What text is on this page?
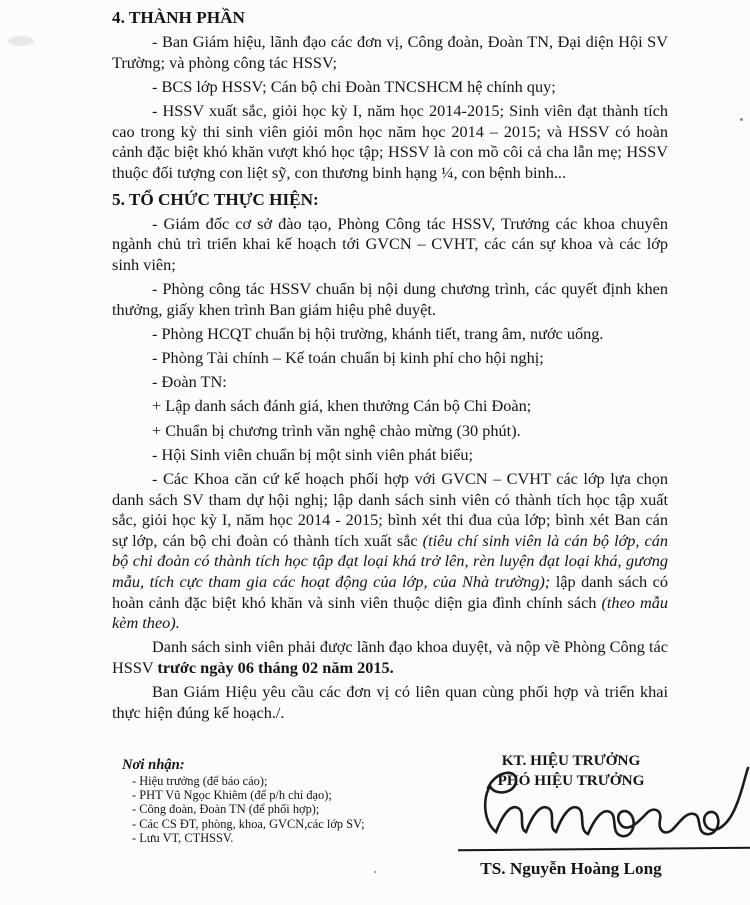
4. THÀNH PHẦN

- Ban Giám hiệu, lãnh đạo các đơn vị, Công đoàn, Đoàn TN, Đại diện Hội SV Trường; và phòng công tác HSSV;

- BCS lớp HSSV; Cán bộ chi Đoàn TNCSHCM hệ chính quy;

- HSSV xuất sắc, giỏi học kỳ I, năm học 2014-2015; Sinh viên đạt thành tích cao trong kỳ thi sinh viên giỏi môn học năm học 2014 – 2015; và HSSV có hoàn cảnh đặc biệt khó khăn vượt khó học tập; HSSV là con mồ côi cả cha lẫn mẹ; HSSV thuộc đối tượng con liệt sỹ, con thương binh hạng ¼, con bệnh binh...

5. TỔ CHỨC THỰC HIỆN:

- Giám đốc cơ sở đào tạo, Phòng Công tác HSSV, Trưởng các khoa chuyên ngành chủ trì triển khai kế hoạch tới GVCN – CVHT, các cán sự khoa và các lớp sinh viên;

- Phòng công tác HSSV chuẩn bị nội dung chương trình, các quyết định khen thưởng, giấy khen trình Ban giám hiệu phê duyệt.

- Phòng HCQT chuẩn bị hội trường, khánh tiết, trang âm, nước uống.

- Phòng Tài chính – Kế toán chuẩn bị kinh phí cho hội nghị;

- Đoàn TN:

+ Lập danh sách đánh giá, khen thưởng Cán bộ Chi Đoàn;

+ Chuẩn bị chương trình văn nghệ chào mừng (30 phút).

- Hội Sinh viên chuẩn bị một sinh viên phát biểu;

- Các Khoa căn cứ kế hoạch phối hợp với GVCN – CVHT các lớp lựa chọn danh sách SV tham dự hội nghị; lập danh sách sinh viên có thành tích học tập xuất sắc, giỏi học kỳ I, năm học 2014 - 2015; bình xét thi đua của lớp; bình xét Ban cán sự lớp, cán bộ chi đoàn có thành tích xuất sắc (tiêu chí sinh viên là cán bộ lớp, cán bộ chi đoàn có thành tích học tập đạt loại khá trở lên, rèn luyện đạt loại khá, gương mẫu, tích cực tham gia các hoạt động của lớp, của Nhà trường); lập danh sách có hoàn cảnh đặc biệt khó khăn và sinh viên thuộc diện gia đình chính sách (theo mẫu kèm theo).

Danh sách sinh viên phải được lãnh đạo khoa duyệt, và nộp về Phòng Công tác HSSV trước ngày 06 tháng 02 năm 2015.

Ban Giám Hiệu yêu cầu các đơn vị có liên quan cùng phối hợp và triển khai thực hiện đúng kế hoạch./.

Nơi nhận:
- Hiệu trưởng (để báo cáo);
- PHT Vũ Ngọc Khiêm (để p/h chỉ đạo);
- Công đoàn, Đoàn TN (để phối hợp);
- Các CS ĐT, phòng, khoa, GVCN,các lớp SV;
- Lưu VT, CTHSSV.
KT. HIỆU TRƯỞNG
PHÓ HIỆU TRƯỞNG
TS. Nguyễn Hoàng Long
